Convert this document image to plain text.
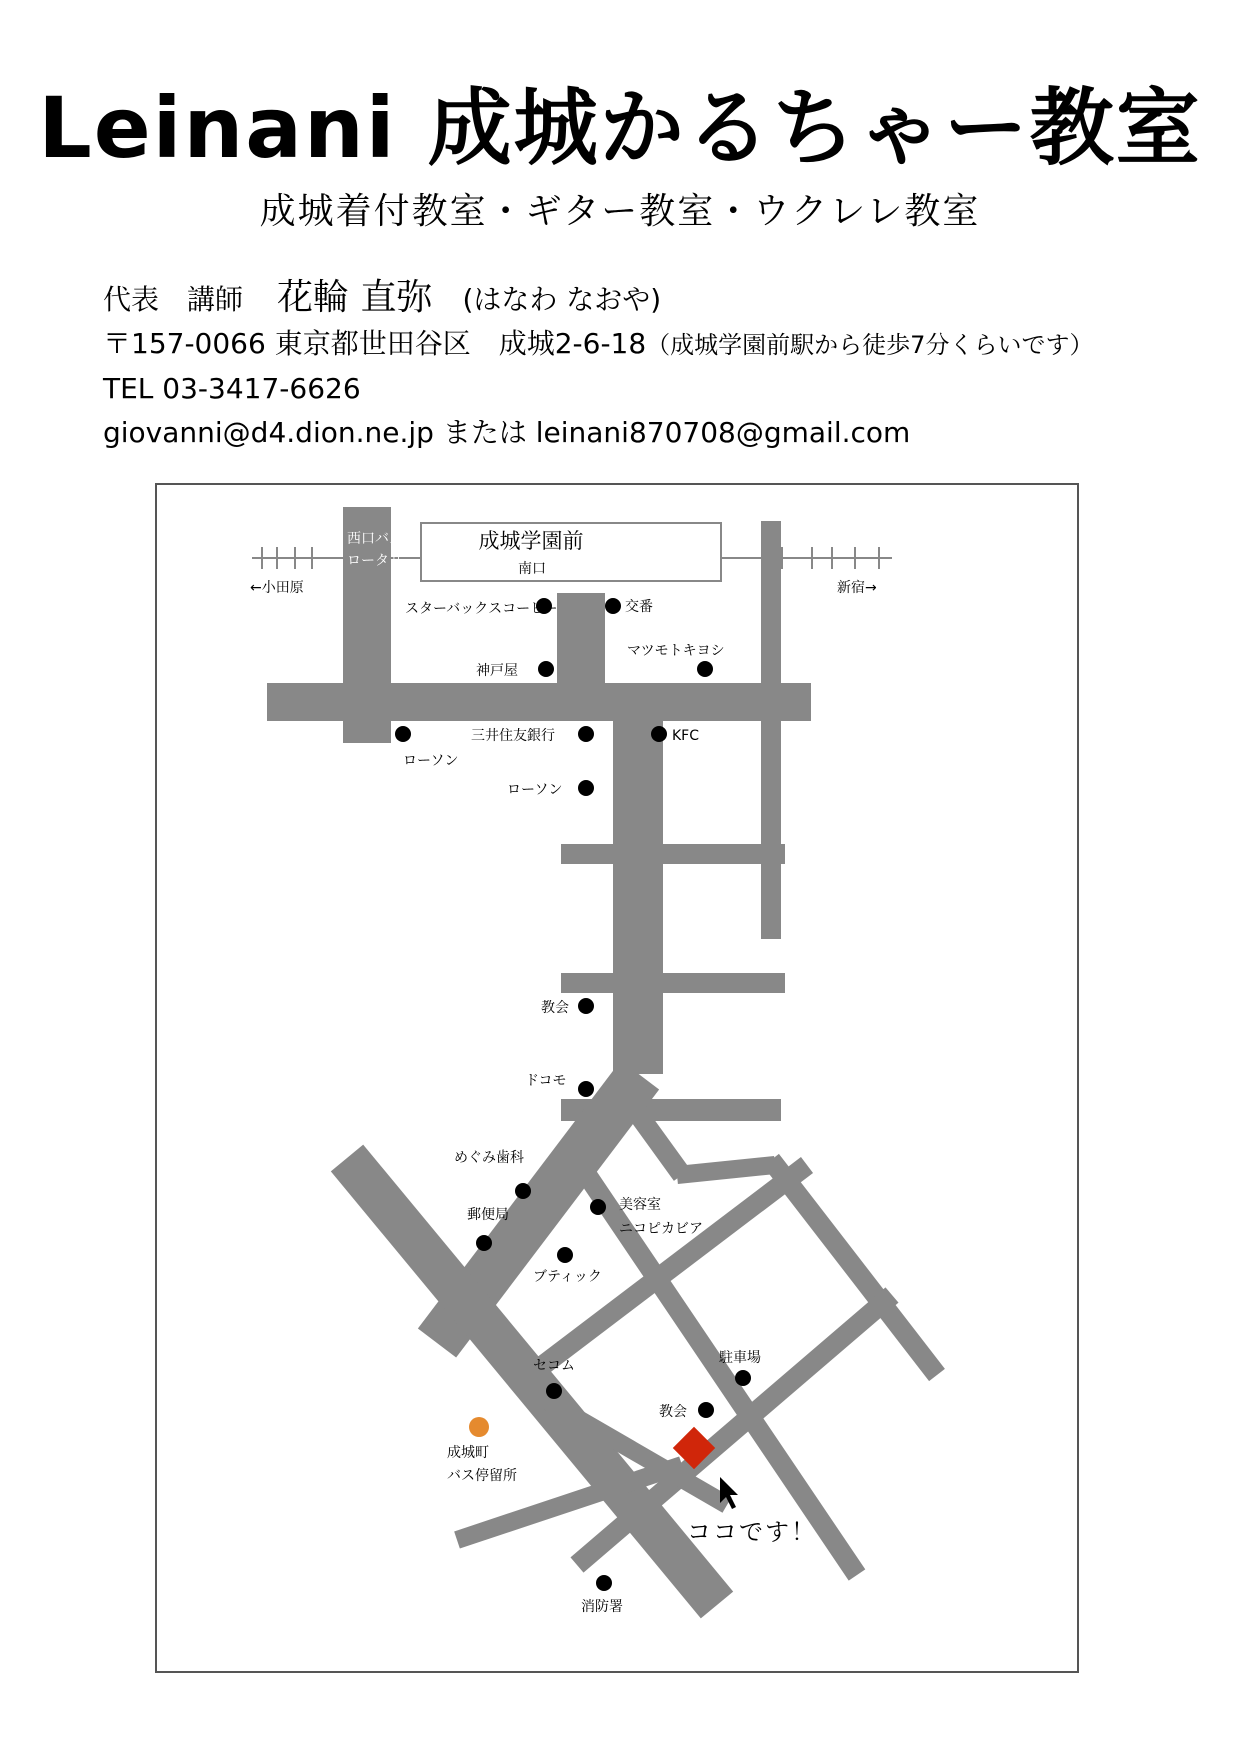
Leinani 成城かるちゃー教室
成城着付教室・ギター教室・ウクレレ教室
代表　講師 花輪 直弥 (はなわ なおや)
〒157-0066 東京都世田谷区　成城2-6-18（成城学園前駅から徒歩7分くらいです）
TEL 03-3417-6626
giovanni@d4.dion.ne.jp または leinani870708@gmail.com
成城学園前
南口
西口バス
ロータリー
←小田原	新宿→
ココです！
スターバックスコーヒー	交番
マツモトキヨシ
神戸屋
ローソン
三井住友銀行	KFC
ローソン
教会
ドコモ
めぐみ歯科
美容室
ニコピカビア
郵便局
ブティック
セコム	駐車場
教会
成城町
バス停留所
消防署
